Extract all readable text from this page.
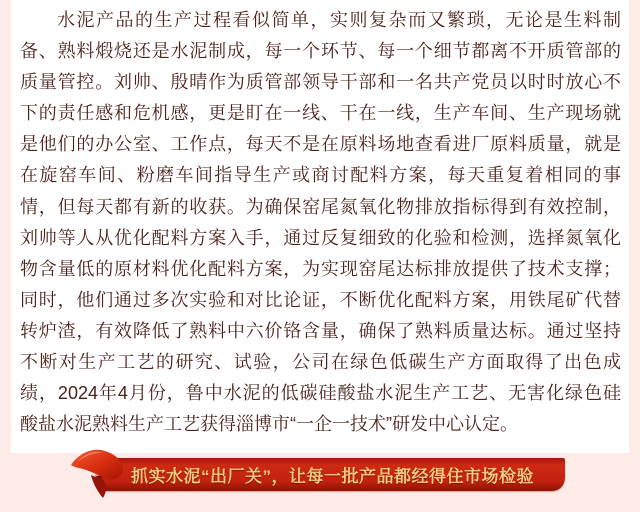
水泥产品的生产过程看似简单，实则复杂而又繁琐，无论是生料制
备、熟料煅烧还是水泥制成，每一个环节、每一个细节都离不开质管部的
质量管控。刘帅、殷晴作为质管部领导干部和一名共产党员以时时放心不
下的责任感和危机感，更是盯在一线、干在一线，生产车间、生产现场就
是他们的办公室、工作点，每天不是在原料场地查看进厂原料质量，就是
在旋窑车间、粉磨车间指导生产或商讨配料方案，每天重复着相同的事
情，但每天都有新的收获。为确保窑尾氮氧化物排放指标得到有效控制，
刘帅等人从优化配料方案入手，通过反复细致的化验和检测，选择氮氧化
物含量低的原材料优化配料方案，为实现窑尾达标排放提供了技术支撑；
同时，他们通过多次实验和对比论证，不断优化配料方案，用铁尾矿代替
转炉渣，有效降低了熟料中六价铬含量，确保了熟料质量达标。通过坚持
不断对生产工艺的研究、试验，公司在绿色低碳生产方面取得了出色成
绩，2024年4月份，鲁中水泥的低碳硅酸盐水泥生产工艺、无害化绿色硅
酸盐水泥熟料生产工艺获得淄博市“一企一技术”研发中心认定。
抓实水泥“出厂关”，让每一批产品都经得住市场检验
